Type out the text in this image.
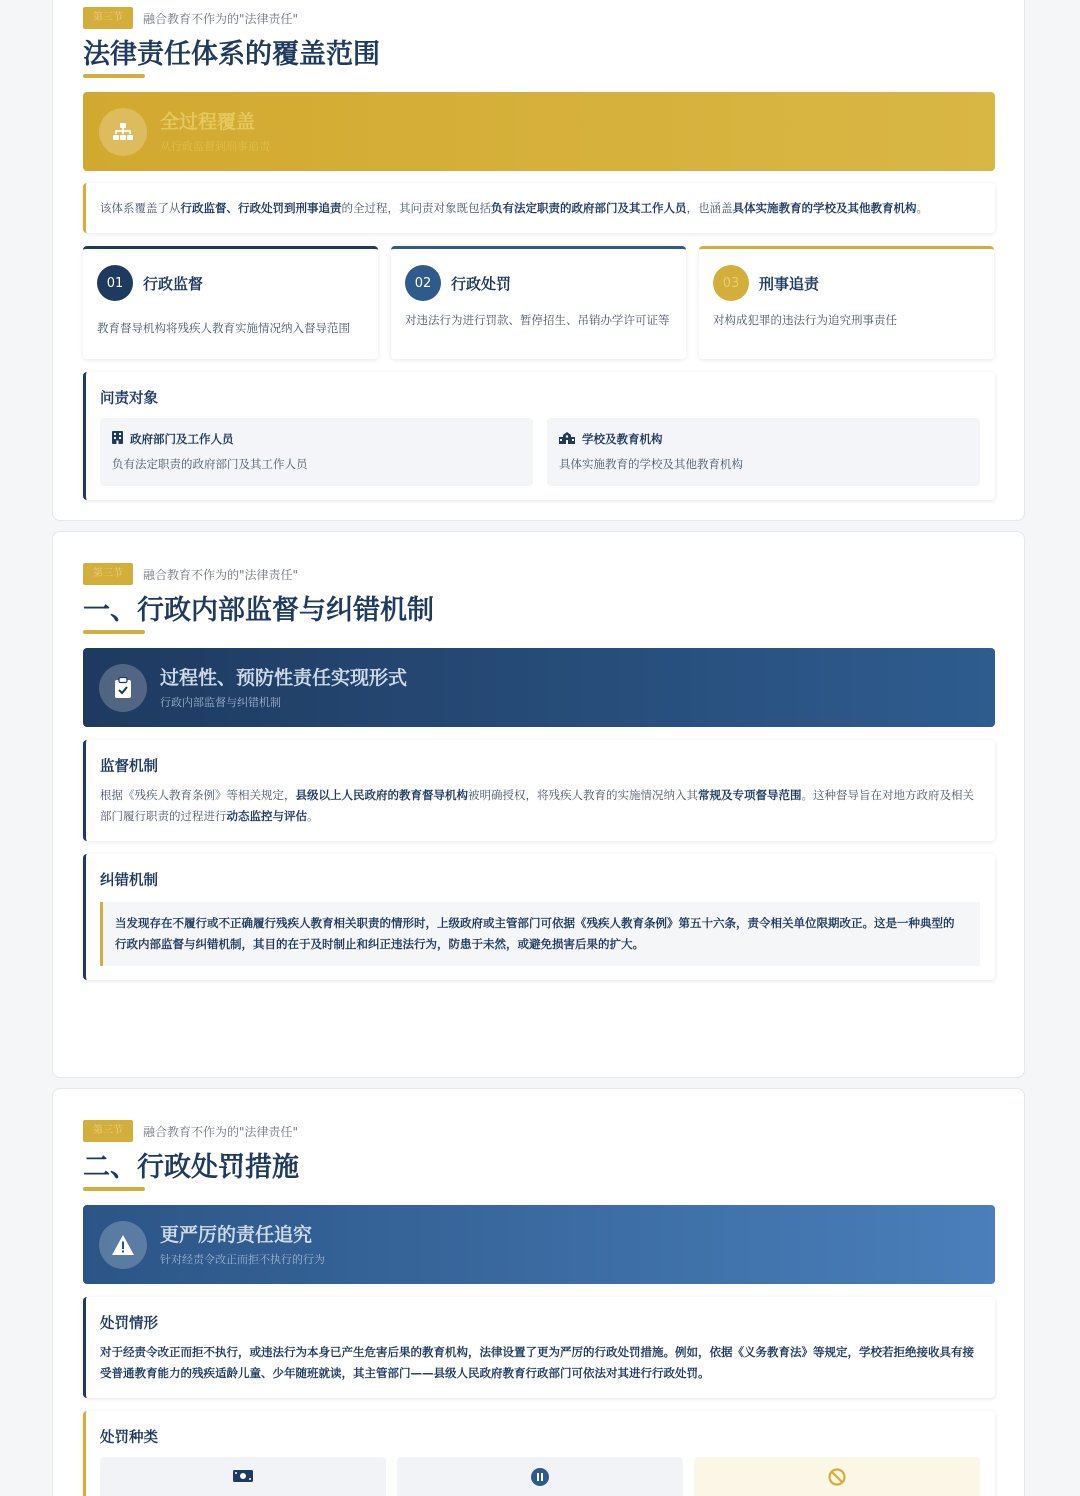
第三节	融合教育不作为的"法律责任"
法律责任体系的覆盖范围
全过程覆盖
从行政监督到刑事追责
该体系覆盖了从行政监督、行政处罚到刑事追责的全过程，其问责对象既包括负有法定职责的政府部门及其工作人员，也涵盖具体实施教育的学校及其他教育机构。
01	行政监督
教育督导机构将残疾人教育实施情况纳入督导范围
02	行政处罚
对违法行为进行罚款、暂停招生、吊销办学许可证等
03	刑事追责
对构成犯罪的违法行为追究刑事责任
问责对象
政府部门及工作人员
负有法定职责的政府部门及其工作人员
学校及教育机构
具体实施教育的学校及其他教育机构
第三节	融合教育不作为的"法律责任"
一、行政内部监督与纠错机制
过程性、预防性责任实现形式
行政内部监督与纠错机制
监督机制
根据《残疾人教育条例》等相关规定，县级以上人民政府的教育督导机构被明确授权，将残疾人教育的实施情况纳入其常规及专项督导范围。这种督导旨在对地方政府及相关部门履行职责的过程进行动态监控与评估。
纠错机制
当发现存在不履行或不正确履行残疾人教育相关职责的情形时，上级政府或主管部门可依据《残疾人教育条例》第五十六条，责令相关单位限期改正。这是一种典型的 行政内部监督与纠错机制，其目的在于及时制止和纠正违法行为，防患于未然，或避免损害后果的扩大。
第三节	融合教育不作为的"法律责任"
二、行政处罚措施
更严厉的责任追究
针对经责令改正而拒不执行的行为
处罚情形
对于经责令改正而拒不执行，或违法行为本身已产生危害后果的教育机构，法律设置了更为严厉的行政处罚措施。例如，依据《义务教育法》等规定，学校若拒绝接收具有接受普通教育能力的残疾适龄儿童、少年随班就读，其主管部门——县级人民政府教育行政部门可依法对其进行行政处罚。
处罚种类
